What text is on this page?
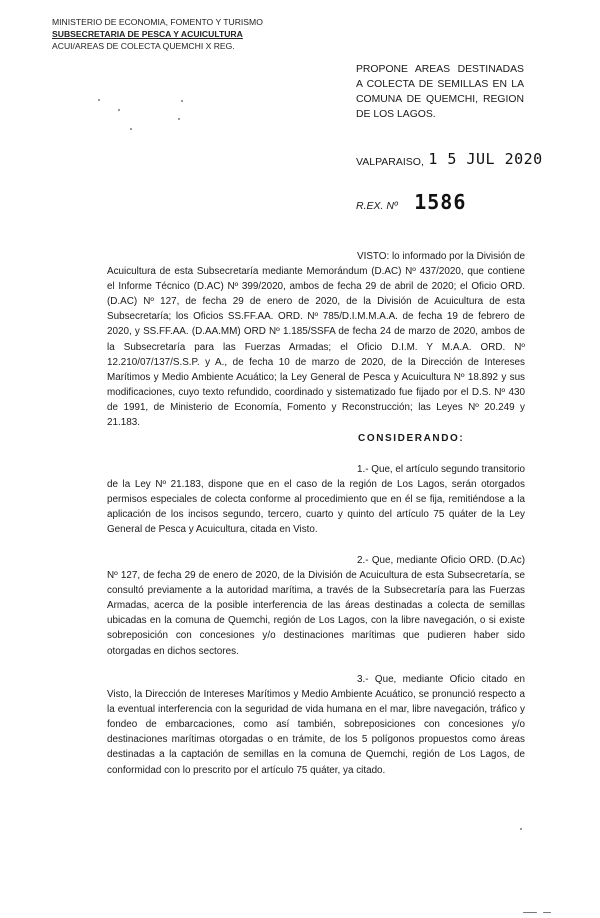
MINISTERIO DE ECONOMIA, FOMENTO Y TURISMO
SUBSECRETARIA DE PESCA Y ACUICULTURA
ACUI/AREAS DE COLECTA QUEMCHI X REG.
PROPONE AREAS DESTINADAS A COLECTA DE SEMILLAS EN LA COMUNA DE QUEMCHI, REGION DE LOS LAGOS.
VALPARAISO, 1 5 JUL 2020
R.EX. Nº 1586
VISTO: lo informado por la División de Acuicultura de esta Subsecretaría mediante Memorándum (D.AC) Nº 437/2020, que contiene el Informe Técnico (D.AC) Nº 399/2020, ambos de fecha 29 de abril de 2020; el Oficio ORD. (D.AC) Nº 127, de fecha 29 de enero de 2020, de la División de Acuicultura de esta Subsecretaría; los Oficios SS.FF.AA. ORD. Nº 785/D.I.M.M.A.A. de fecha 19 de febrero de 2020, y SS.FF.AA. (D.AA.MM) ORD Nº 1.185/SSFA de fecha 24 de marzo de 2020, ambos de la Subsecretaría para las Fuerzas Armadas; el Oficio D.I.M. Y M.A.A. ORD. Nº 12.210/07/137/S.S.P. y A., de fecha 10 de marzo de 2020, de la Dirección de Intereses Marítimos y Medio Ambiente Acuático; la Ley General de Pesca y Acuicultura Nº 18.892 y sus modificaciones, cuyo texto refundido, coordinado y sistematizado fue fijado por el D.S. Nº 430 de 1991, de Ministerio de Economía, Fomento y Reconstrucción; las Leyes Nº 20.249 y 21.183.
CONSIDERANDO:
1.- Que, el artículo segundo transitorio de la Ley Nº 21.183, dispone que en el caso de la región de Los Lagos, serán otorgados permisos especiales de colecta conforme al procedimiento que en él se fija, remitiéndose a la aplicación de los incisos segundo, tercero, cuarto y quinto del artículo 75 quáter de la Ley General de Pesca y Acuicultura, citada en Visto.
2.- Que, mediante Oficio ORD. (D.Ac) Nº 127, de fecha 29 de enero de 2020, de la División de Acuicultura de esta Subsecretaría, se consultó previamente a la autoridad marítima, a través de la Subsecretaría para las Fuerzas Armadas, acerca de la posible interferencia de las áreas destinadas a colecta de semillas ubicadas en la comuna de Quemchi, región de Los Lagos, con la libre navegación, o si existe sobreposición con concesiones y/o destinaciones marítimas que pudieren haber sido otorgadas en dichos sectores.
3.- Que, mediante Oficio citado en Visto, la Dirección de Intereses Marítimos y Medio Ambiente Acuático, se pronunció respecto a la eventual interferencia con la seguridad de vida humana en el mar, libre navegación, tráfico y fondeo de embarcaciones, como así también, sobreposiciones con concesiones y/o destinaciones marítimas otorgadas o en trámite, de los 5 polígonos propuestos como áreas destinadas a la captación de semillas en la comuna de Quemchi, región de Los Lagos, de conformidad con lo prescrito por el artículo 75 quáter, ya citado.
